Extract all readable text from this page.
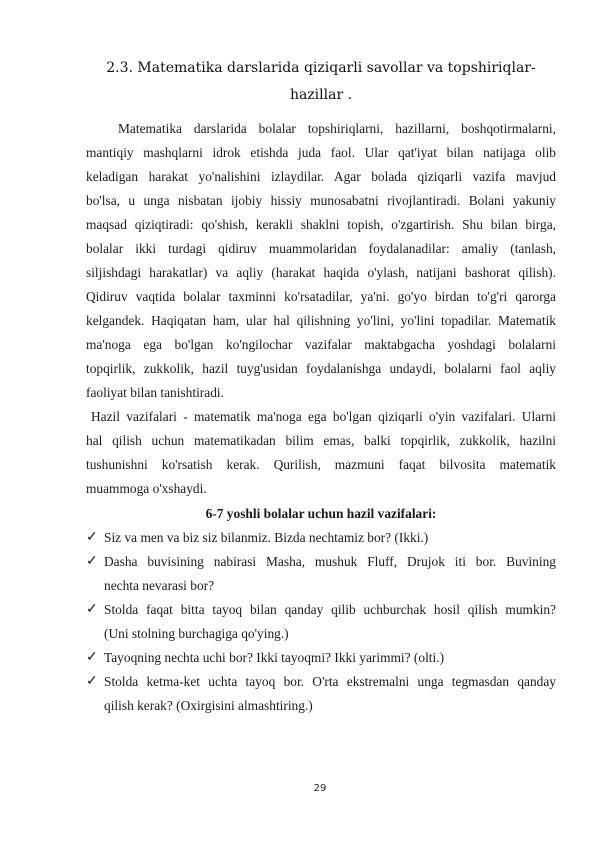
2.3. Matematika darslarida qiziqarli savollar va topshiriqlar-
hazillar .
Matematika darslarida bolalar topshiriqlarni, hazillarni, boshqotirmalarni,
mantiqiy mashqlarni idrok etishda juda faol. Ular qat'iyat bilan natijaga olib
keladigan harakat yo'nalishini izlaydilar. Agar bolada qiziqarli vazifa mavjud
bo'lsa, u unga nisbatan ijobiy hissiy munosabatni rivojlantiradi. Bolani yakuniy
maqsad qiziqtiradi: qo'shish, kerakli shaklni topish, o'zgartirish. Shu bilan birga,
bolalar ikki turdagi qidiruv muammolaridan foydalanadilar: amaliy (tanlash,
siljishdagi harakatlar) va aqliy (harakat haqida o'ylash, natijani bashorat qilish).
Qidiruv vaqtida bolalar taxminni ko'rsatadilar, ya'ni. go'yo birdan to'g'ri qarorga
kelgandek. Haqiqatan ham, ular hal qilishning yo'lini, yo'lini topadilar. Matematik
ma'noga ega bo'lgan ko'ngilochar vazifalar maktabgacha yoshdagi bolalarni
topqirlik, zukkolik, hazil tuyg'usidan foydalanishga undaydi, bolalarni faol aqliy
faoliyat bilan tanishtiradi.
Hazil vazifalari - matematik ma'noga ega bo'lgan qiziqarli o'yin vazifalari. Ularni
hal qilish uchun matematikadan bilim emas, balki topqirlik, zukkolik, hazilni
tushunishni ko'rsatish kerak. Qurilish, mazmuni faqat bilvosita matematik
muammoga o'xshaydi.
6-7 yoshli bolalar uchun hazil vazifalari:
✓ Siz va men va biz siz bilanmiz. Bizda nechtamiz bor? (Ikki.)
✓ Dasha buvisining nabirasi Masha, mushuk Fluff, Drujok iti bor. Buvining
nechta nevarasi bor?
✓ Stolda faqat bitta tayoq bilan qanday qilib uchburchak hosil qilish mumkin?
(Uni stolning burchagiga qo'ying.)
✓ Tayoqning nechta uchi bor? Ikki tayoqmi? Ikki yarimmi? (olti.)
✓ Stolda ketma-ket uchta tayoq bor. O'rta ekstremalni unga tegmasdan qanday
qilish kerak? (Oxirgisini almashtiring.)
29
